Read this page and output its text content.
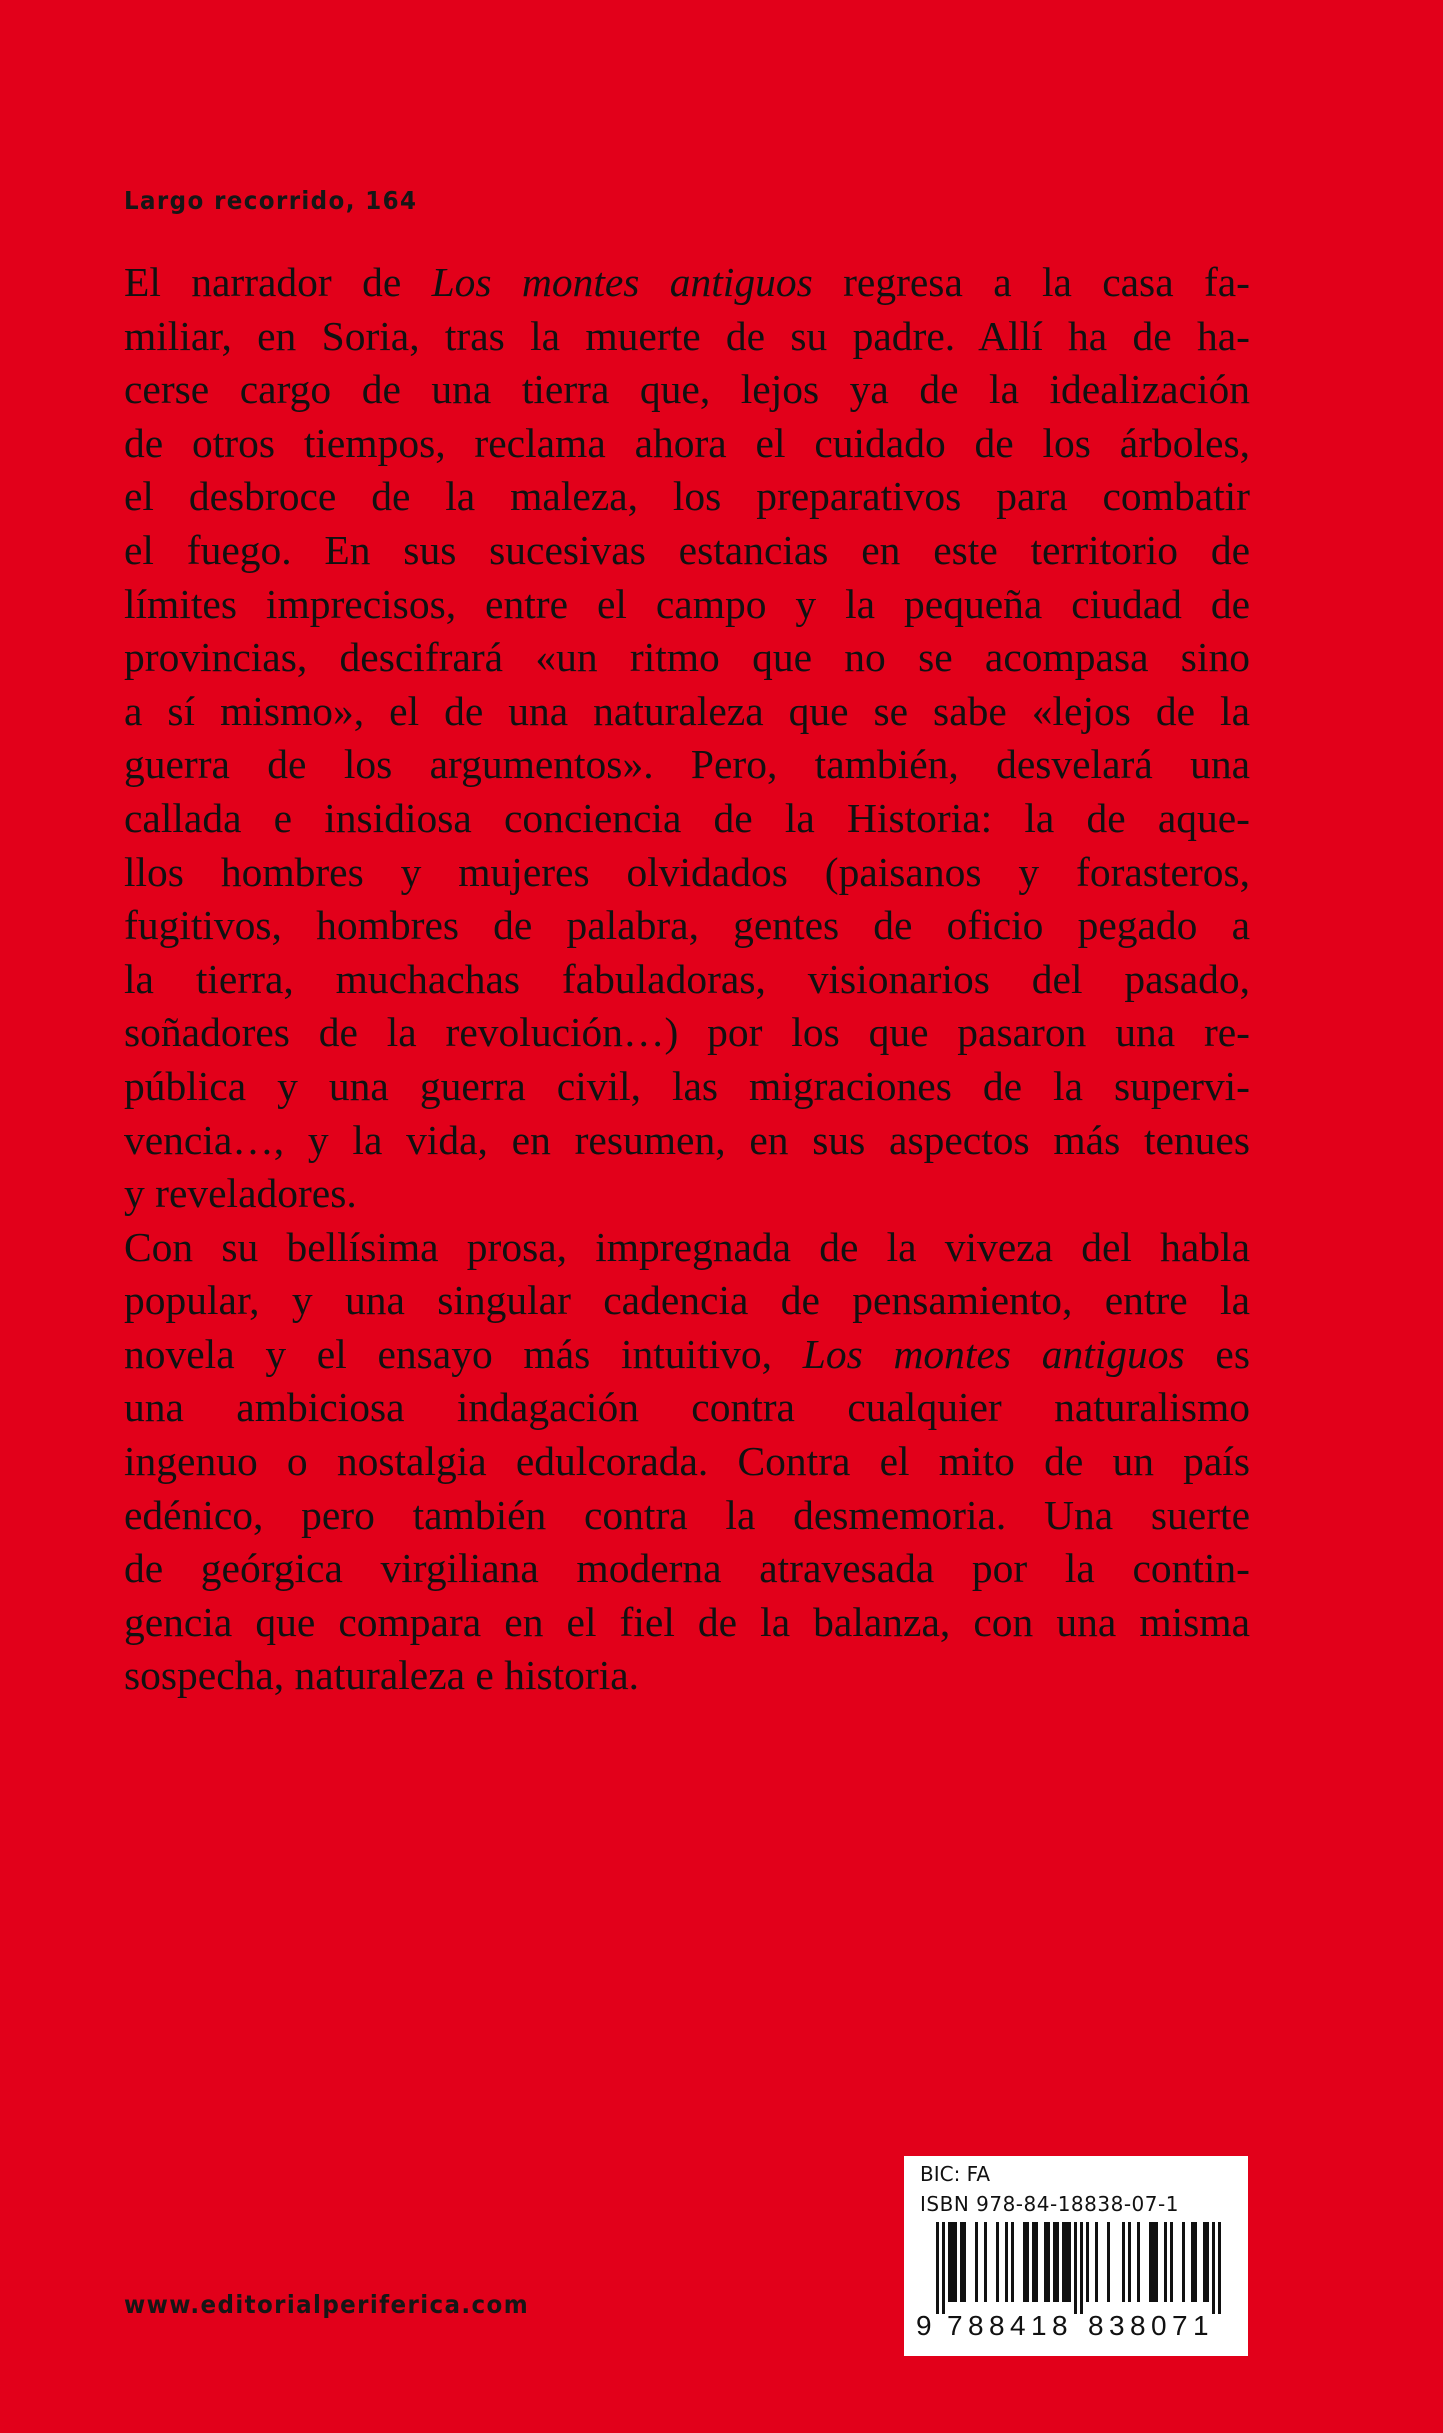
Largo recorrido, 164

El narrador de Los montes antiguos regresa a la casa fa-

miliar, en Soria, tras la muerte de su padre. Allí ha de ha-

cerse cargo de una tierra que, lejos ya de la idealización

de otros tiempos, reclama ahora el cuidado de los árboles,

el desbroce de la maleza, los preparativos para combatir

el fuego. En sus sucesivas estancias en este territorio de

límites imprecisos, entre el campo y la pequeña ciudad de

provincias, descifrará «un ritmo que no se acompasa sino

a sí mismo», el de una naturaleza que se sabe «lejos de la

guerra de los argumentos». Pero, también, desvelará una

callada e insidiosa conciencia de la Historia: la de aque-

llos hombres y mujeres olvidados (paisanos y forasteros,

fugitivos, hombres de palabra, gentes de oficio pegado a

la tierra, muchachas fabuladoras, visionarios del pasado,

soñadores de la revolución…) por los que pasaron una re-

pública y una guerra civil, las migraciones de la supervi-

vencia…, y la vida, en resumen, en sus aspectos más tenues

y reveladores.

Con su bellísima prosa, impregnada de la viveza del habla

popular, y una singular cadencia de pensamiento, entre la

novela y el ensayo más intuitivo, Los montes antiguos es

una ambiciosa indagación contra cualquier naturalismo

ingenuo o nostalgia edulcorada. Contra el mito de un país

edénico, pero también contra la desmemoria. Una suerte

de geórgica virgiliana moderna atravesada por la contin-

gencia que compara en el fiel de la balanza, con una misma

sospecha, naturaleza e historia.

www.editorialperiferica.com
BIC: FA
ISBN 978-84-18838-07-1
9 7 8 8 4 1 8 8 3 8 0 7 1
